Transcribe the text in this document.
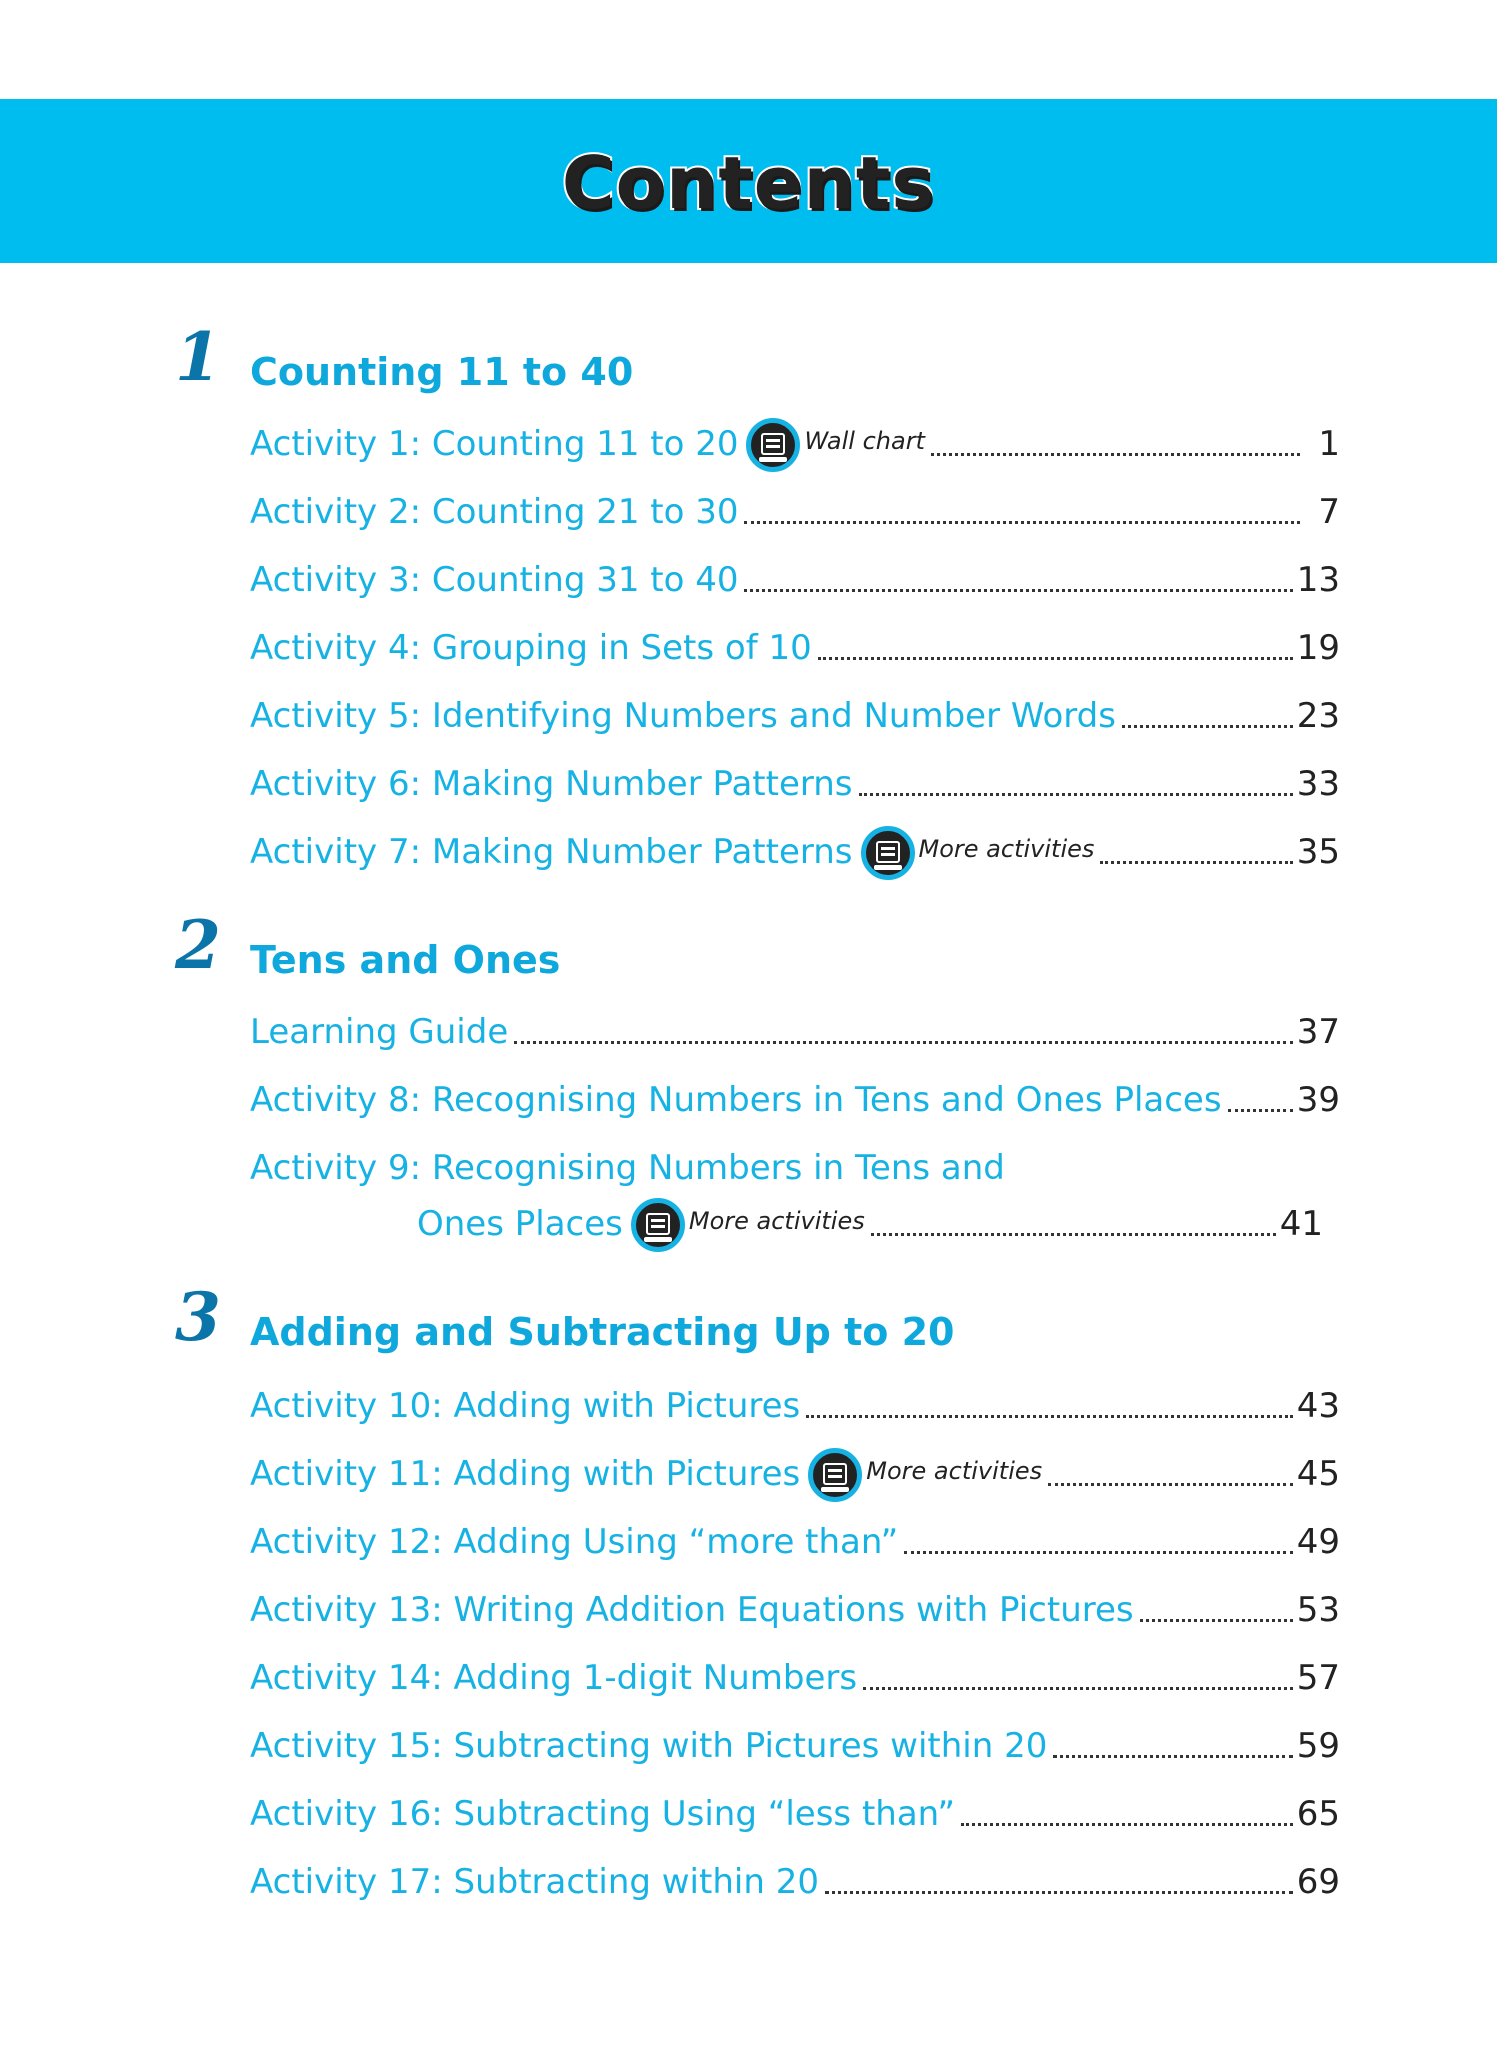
Contents
1 Counting 11 to 40
Activity 1: Counting 11 to 20	Wall chart	1
Activity 2: Counting 21 to 30	7
Activity 3: Counting 31 to 40	13
Activity 4: Grouping in Sets of 10	19
Activity 5: Identifying Numbers and Number Words	23
Activity 6: Making Number Patterns	33
Activity 7: Making Number Patterns	More activities	35
2 Tens and Ones
Learning Guide	37
Activity 8: Recognising Numbers in Tens and Ones Places 39
Activity 9: Recognising Numbers in Tens and
Ones Places	More activities	41
3 Adding and Subtracting Up to 20
Activity 10: Adding with Pictures	43
Activity 11: Adding with Pictures	More activities	45
Activity 12: Adding Using “more than”	49
Activity 13: Writing Addition Equations with Pictures	53
Activity 14: Adding 1-digit Numbers	57
Activity 15: Subtracting with Pictures within 20	59
Activity 16: Subtracting Using “less than”	65
Activity 17: Subtracting within 20	69
